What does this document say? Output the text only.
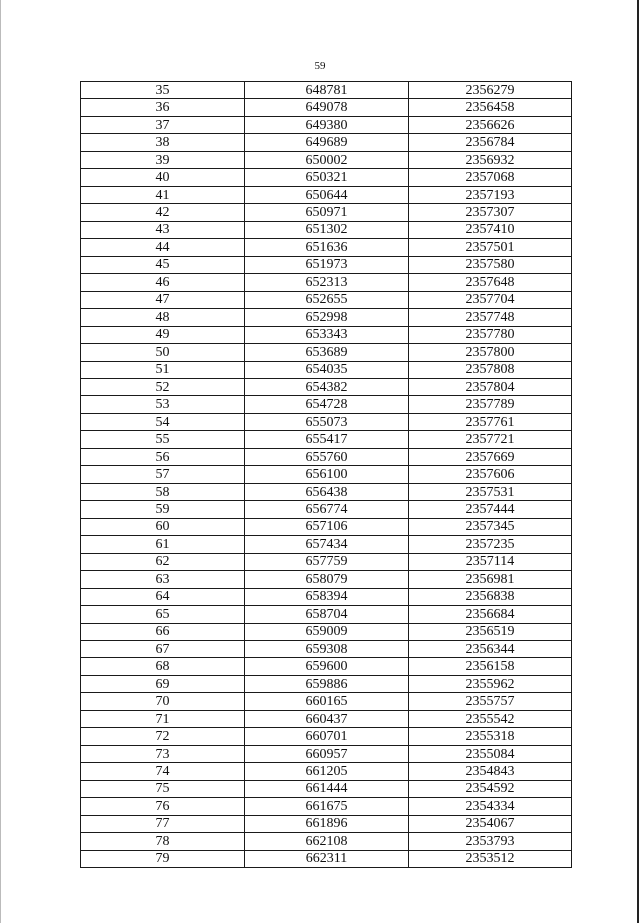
59
35	648781	2356279
36	649078	2356458
37	649380	2356626
38	649689	2356784
39	650002	2356932
40	650321	2357068
41	650644	2357193
42	650971	2357307
43	651302	2357410
44	651636	2357501
45	651973	2357580
46	652313	2357648
47	652655	2357704
48	652998	2357748
49	653343	2357780
50	653689	2357800
51	654035	2357808
52	654382	2357804
53	654728	2357789
54	655073	2357761
55	655417	2357721
56	655760	2357669
57	656100	2357606
58	656438	2357531
59	656774	2357444
60	657106	2357345
61	657434	2357235
62	657759	2357114
63	658079	2356981
64	658394	2356838
65	658704	2356684
66	659009	2356519
67	659308	2356344
68	659600	2356158
69	659886	2355962
70	660165	2355757
71	660437	2355542
72	660701	2355318
73	660957	2355084
74	661205	2354843
75	661444	2354592
76	661675	2354334
77	661896	2354067
78	662108	2353793
79	662311	2353512
